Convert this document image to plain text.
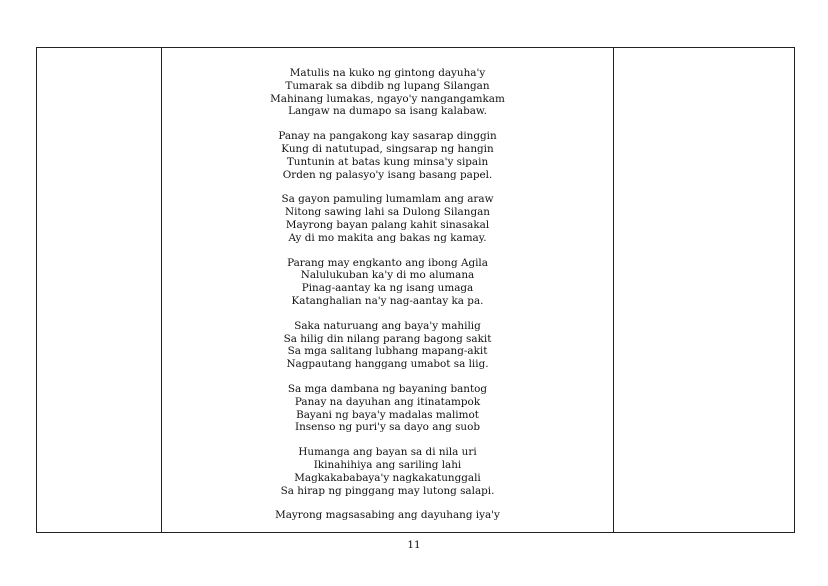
Matulis na kuko ng gintong dayuha'y
Tumarak sa dibdib ng lupang Silangan
Mahinang lumakas, ngayo'y nangangamkam
Langaw na dumapo sa isang kalabaw.
Panay na pangakong kay sasarap dinggin
Kung di natutupad, singsarap ng hangin
Tuntunin at batas kung minsa'y sipain
Orden ng palasyo'y isang basang papel.
Sa gayon pamuling lumamlam ang araw
Nitong sawing lahi sa Dulong Silangan
Mayrong bayan palang kahit sinasakal
Ay di mo makita ang bakas ng kamay.
Parang may engkanto ang ibong Agila
Nalulukuban ka'y di mo alumana
Pinag-aantay ka ng isang umaga
Katanghalian na'y nag-aantay ka pa.
Saka naturuang ang baya'y mahilig
Sa hilig din nilang parang bagong sakit
Sa mga salitang lubhang mapang-akit
Nagpautang hanggang umabot sa liig.
Sa mga dambana ng bayaning bantog
Panay na dayuhan ang itinatampok
Bayani ng baya'y madalas malimot
Insenso ng puri'y sa dayo ang suob
Humanga ang bayan sa di nila uri
Ikinahihiya ang sariling lahi
Magkakababaya'y nagkakatunggali
Sa hirap ng pinggang may lutong salapi.
Mayrong magsasabing ang dayuhang iya'y
11
